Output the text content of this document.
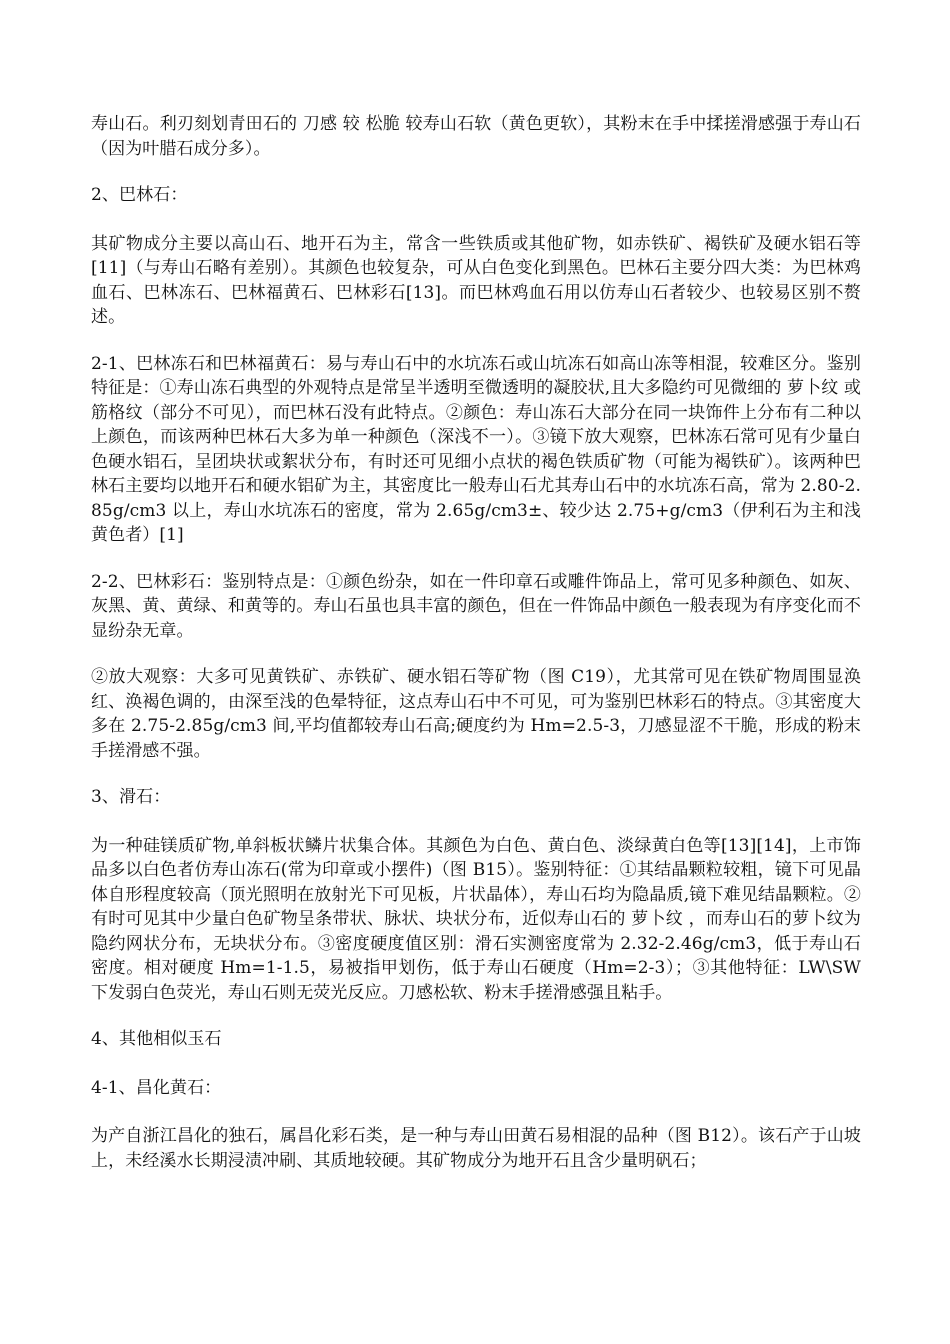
寿山石。利刃刻划青田石的 刀感 较 松脆 较寿山石软（黄色更软），其粉末在手中揉搓滑感强于寿山石（因为叶腊石成分多）。

2、巴林石：

其矿物成分主要以高山石、地开石为主，常含一些铁质或其他矿物，如赤铁矿、褐铁矿及硬水铝石等[11]（与寿山石略有差别）。其颜色也较复杂，可从白色变化到黑色。巴林石主要分四大类：为巴林鸡血石、巴林冻石、巴林福黄石、巴林彩石[13]。而巴林鸡血石用以仿寿山石者较少、也较易区别不赘述。

2-1、巴林冻石和巴林福黄石：易与寿山石中的水坑冻石或山坑冻石如高山冻等相混，较难区分。鉴别特征是：①寿山冻石典型的外观特点是常呈半透明至微透明的凝胶状,且大多隐约可见微细的 萝卜纹 或筋格纹（部分不可见），而巴林石没有此特点。②颜色：寿山冻石大部分在同一块饰件上分布有二种以上颜色，而该两种巴林石大多为单一种颜色（深浅不一）。③镜下放大观察，巴林冻石常可见有少量白色硬水铝石，呈团块状或絮状分布，有时还可见细小点状的褐色铁质矿物（可能为褐铁矿）。该两种巴林石主要均以地开石和硬水铝矿为主，其密度比一般寿山石尤其寿山石中的水坑冻石高，常为 2.80-2.85g/cm3 以上，寿山水坑冻石的密度，常为 2.65g/cm3±、较少达 2.75+g/cm3（伊利石为主和浅黄色者）[1]

2-2、巴林彩石：鉴别特点是：①颜色纷杂，如在一件印章石或雕件饰品上，常可见多种颜色、如灰、灰黑、黄、黄绿、和黄等的。寿山石虽也具丰富的颜色，但在一件饰品中颜色一般表现为有序变化而不显纷杂无章。

②放大观察：大多可见黄铁矿、赤铁矿、硬水铝石等矿物（图 C19），尤其常可见在铁矿物周围显涣红、涣褐色调的，由深至浅的色晕特征，这点寿山石中不可见，可为鉴别巴林彩石的特点。③其密度大多在 2.75-2.85g/cm3 间,平均值都较寿山石高;硬度约为 Hm=2.5-3，刀感显涩不干脆，形成的粉末手搓滑感不强。

3、滑石：

为一种硅镁质矿物,单斜板状鳞片状集合体。其颜色为白色、黄白色、淡绿黄白色等[13][14]，上市饰品多以白色者仿寿山冻石(常为印章或小摆件)（图 B15）。鉴别特征：①其结晶颗粒较粗，镜下可见晶体自形程度较高（顶光照明在放射光下可见板，片状晶体），寿山石均为隐晶质,镜下难见结晶颗粒。②有时可见其中少量白色矿物呈条带状、脉状、块状分布，近似寿山石的 萝卜纹 ，而寿山石的萝卜纹为隐约网状分布，无块状分布。③密度硬度值区别：滑石实测密度常为 2.32-2.46g/cm3，低于寿山石密度。相对硬度 Hm=1-1.5，易被指甲划伤，低于寿山石硬度（Hm=2-3）；③其他特征：LW\SW 下发弱白色荧光，寿山石则无荧光反应。刀感松软、粉末手搓滑感强且粘手。

4、其他相似玉石

4-1、昌化黄石：

为产自浙江昌化的独石，属昌化彩石类，是一种与寿山田黄石易相混的品种（图 B12）。该石产于山坡上，未经溪水长期浸渍冲刷、其质地较硬。其矿物成分为地开石且含少量明矾石；
